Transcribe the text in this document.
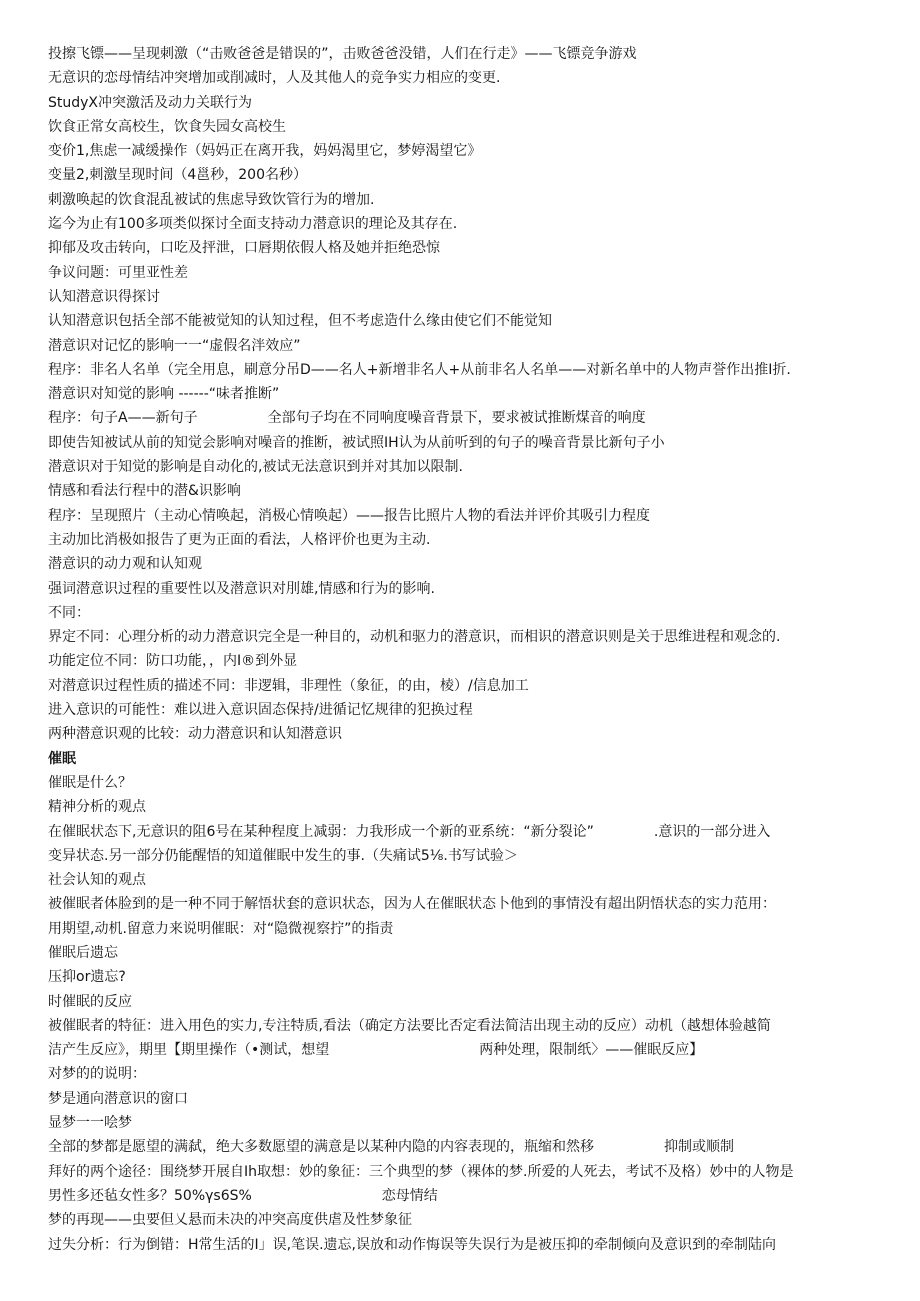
投擦飞镖——呈现刺激（“击败爸爸是错误的”，击败爸爸没错，人们在行走》——飞镖竞争游戏
无意识的恋母情结冲突增加或削减时，人及其他人的竞争实力相应的变更.
StudyX冲突激活及动力关联行为
饮食正常女高校生，饮食失园女高校生
变价1,焦虑一减缓操作（妈妈正在离开我，妈妈渴里它，梦婷渴望它》
变量2,刺激呈现时间（4邕秒，200名秒）
刺激唤起的饮食混乱被试的焦虑导致饮管行为的增加.
迄今为止有100多项类似探讨全面支持动力潜意识的理论及其存在.
抑郁及攻击转向，口吃及抨泄，口唇期依假人格及她并拒绝恐惊
争议问题：可里亚性差
认知潜意识得探讨
认知潜意识包括全部不能被觉知的认知过程，但不考虑造什么缘由使它们不能觉知
潜意识对记忆的影响一一“虚假名泮效应”
程序：非名人名单（完全用息，刷意分吊D——名人+新增非名人+从前非名人名单——对新名单中的人物声誉作出推I折.
潜意识对知觉的影响 ------“味者推断”
程序：句子A——新句子	全部句子均在不同响度噪音背景下，要求被试推断煤音的响度
即使告知被试从前的知觉会影响对噪音的推断，被试照IH认为从前听到的句子的噪音背景比新句子小
潜意识对于知觉的影响是自动化的,被试无法意识到并对其加以限制.
情感和看法行程中的潜&识影响
程序：呈现照片（主动心情唤起，消极心情唤起）——报告比照片人物的看法并评价其吸引力程度
主动加比消极如报告了更为正面的看法，人格评价也更为主动.
潜意识的动力观和认知观
强词潜意识过程的重要性以及潜意识对刖雄,情感和行为的影响.
不同：
界定不同：心理分析的动力潜意识完全是一种目的，动机和驱力的潜意识，而相识的潜意识则是关于思维进程和观念的.
功能定位不同：防口功能，，内I®到外显
对潜意识过程性质的描述不同：非逻辑，非理性（象征，的由，棱）/信息加工
进入意识的可能性：难以进入意识固态保持/进循记忆规律的犯换过程
两种潜意识观的比较：动力潜意识和认知潜意识
催眠
催眠是什么？
精神分析的观点
在催眠状态下,无意识的阻6号在某种程度上减弱：力我形成一个新的亚系统：“新分裂论”	.意识的一部分进入
变异状态.另一部分仍能醒悟的知道催眠中发生的事.（失痛试5⅛.书写试验＞
社会认知的观点
被催眠者体脸到的是一种不同于解悟状套的意识状态，因为人在催眠状态卜他到的事情没有超出阴悟状态的实力范用：
用期望,动机.留意力来说明催眠：对“隐微视察拧”的指责
催眠后遗忘
压抑or遗忘?
时催眠的反应
被催眠者的特征：进入用色的实力,专注特质,看法（确定方法要比否定看法简洁出现主动的反应）动机（越想体验越简
洁产生反应》，期里【期里操作（•测试，想望	两种处理，限制纸〉——催眠反应】
对梦的的说明：
梦是通向潜意识的窗口
显梦一一哙梦
全部的梦都是愿望的满弑，绝大多数愿望的满意是以某种内隐的内容表现的，瓶缩和然移	抑制或顺制
拜好的两个途径：围绕梦开展自Ih取想：妙的象征：三个典型的梦（裸体的梦.所爱的人死去，考试不及格）妙中的人物是
男性多还毡女性多？50%γs6S%	恋母情结
梦的再现——虫要但乂悬而未决的冲突高度供虐及性梦象征
过失分析：行为倒错：H常生活的I」误,笔误.遗忘,误放和动作悔误等失误行为是被压抑的牵制倾向及意识到的牵制陆向
